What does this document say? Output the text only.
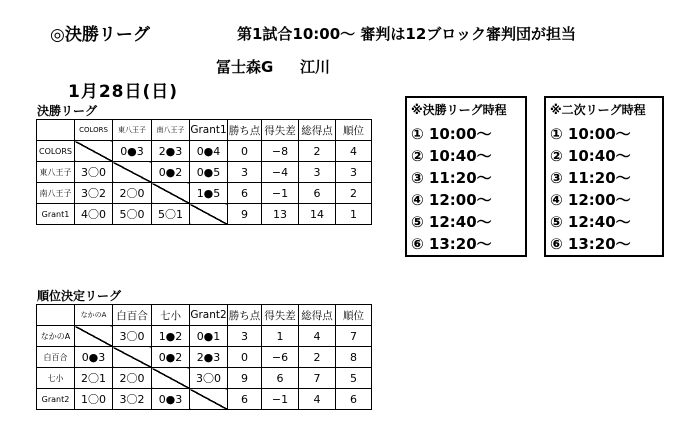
◎決勝リーグ	第1試合10:00〜 審判は12ブロック審判団が担当
冨士森G 江川
1月28日(日)
決勝リーグ
	COLORS	東八王子	南八王子	Grant1	勝ち点	得失差	総得点	順位
COLORS		0●3	2●3	0●4	0	−8	2	4
東八王子	3〇0		0●2	0●5	3	−4	3	3
南八王子	3〇2	2〇0		1●5	6	−1	6	2
Grant1	4〇0	5〇0	5〇1		9	13	14	1
順位決定リーグ
	なかのA	白百合	七小	Grant2	勝ち点	得失差	総得点	順位
なかのA		3〇0	1●2	0●1	3	1	4	7
白百合	0●3		0●2	2●3	0	−6	2	8
七小	2〇1	2〇0		3〇0	9	6	7	5
Grant2	1〇0	3〇2	0●3		6	−1	4	6
※決勝リーグ時程
① 10:00〜
② 10:40〜
③ 11:20〜
④ 12:00〜
⑤ 12:40〜
⑥ 13:20〜
※二次リーグ時程
① 10:00〜
② 10:40〜
③ 11:20〜
④ 12:00〜
⑤ 12:40〜
⑥ 13:20〜
